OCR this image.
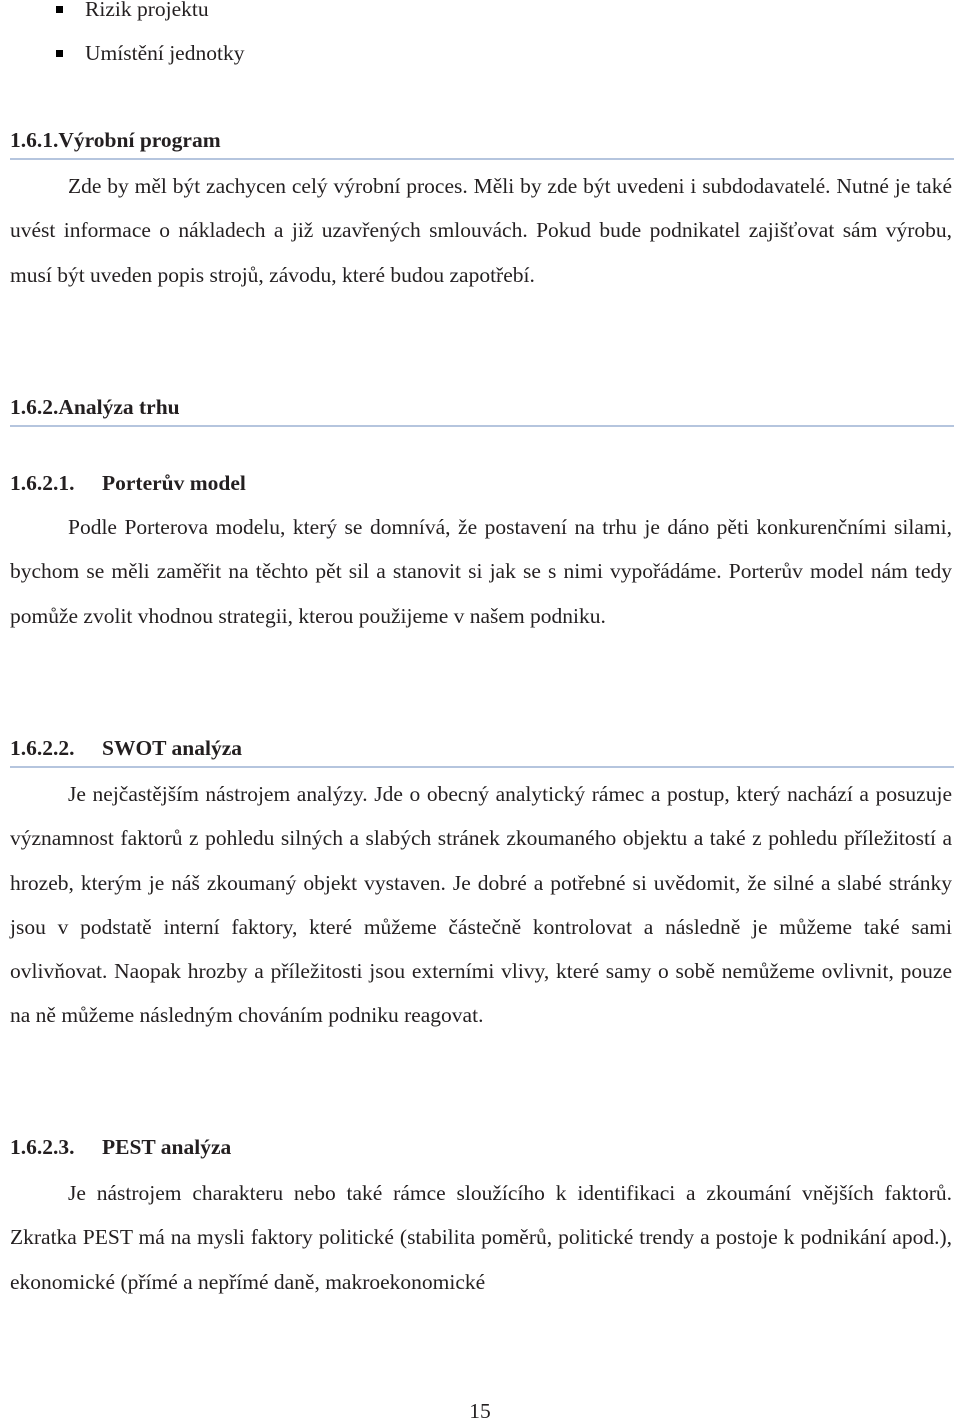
Rizik projektu
Umístění jednotky
1.6.1.Výrobní program
Zde by měl být zachycen celý výrobní proces. Měli by zde být uvedeni i subdodavatelé. Nutné je také uvést informace o nákladech a již uzavřených smlouvách. Pokud bude podnikatel zajišťovat sám výrobu, musí být uveden popis strojů, závodu, které budou zapotřebí.
1.6.2.Analýza trhu
1.6.2.1. Porterův model
Podle Porterova modelu, který se domnívá, že postavení na trhu je dáno pěti konkurenčními silami, bychom se měli zaměřit na těchto pět sil a stanovit si jak se s nimi vypořádáme. Porterův model nám tedy pomůže zvolit vhodnou strategii, kterou použijeme v našem podniku.
1.6.2.2. SWOT analýza
Je nejčastějším nástrojem analýzy. Jde o obecný analytický rámec a postup, který nachází a posuzuje významnost faktorů z pohledu silných a slabých stránek zkoumaného objektu a také z pohledu příležitostí a hrozeb, kterým je náš zkoumaný objekt vystaven. Je dobré a potřebné si uvědomit, že silné a slabé stránky jsou v podstatě interní faktory, které můžeme částečně kontrolovat a následně je můžeme také sami ovlivňovat. Naopak hrozby a příležitosti jsou externími vlivy, které samy o sobě nemůžeme ovlivnit, pouze na ně můžeme následným chováním podniku reagovat.
1.6.2.3. PEST analýza
Je nástrojem charakteru nebo také rámce sloužícího k identifikaci a zkoumání vnějších faktorů. Zkratka PEST má na mysli faktory politické (stabilita poměrů, politické trendy a postoje k podnikání apod.), ekonomické (přímé a nepřímé daně, makroekonomické
15
